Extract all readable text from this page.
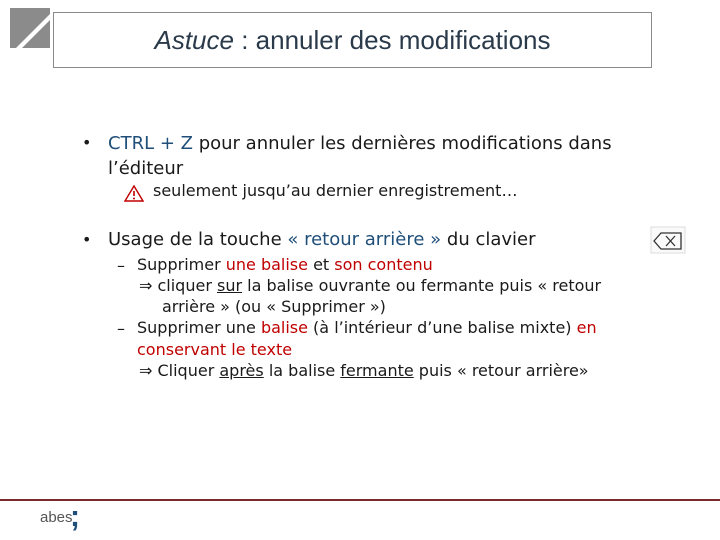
Astuce : annuler des modifications
• CTRL + Z pour annuler les dernières modifications dans
l’éditeur
seulement jusqu’au dernier enregistrement…
• Usage de la touche « retour arrière » du clavier
– Supprimer une balise et son contenu
⇒ cliquer sur la balise ouvrante ou fermante puis « retour
arrière » (ou « Supprimer »)
– Supprimer une balise (à l’intérieur d’une balise mixte) en
conservant le texte
⇒ Cliquer après la balise fermante puis « retour arrière»
abes
;
